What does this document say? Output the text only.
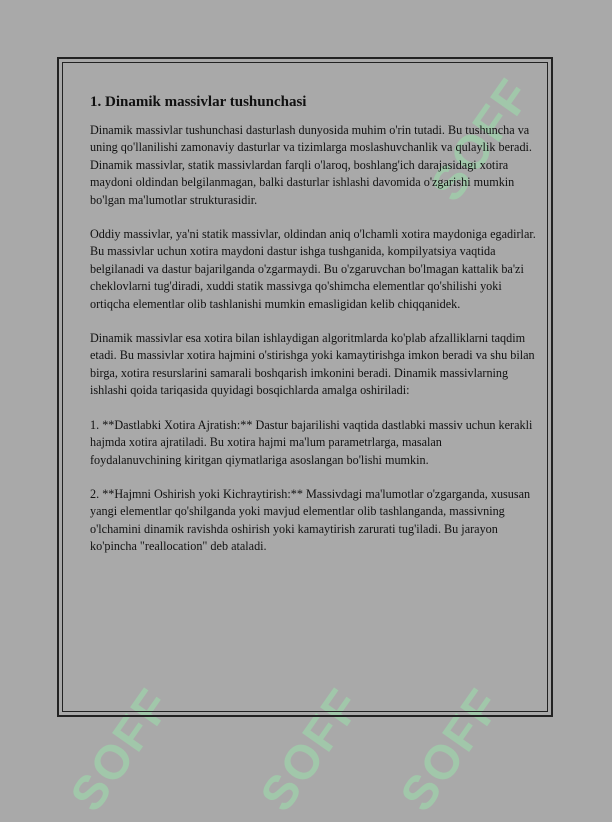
SOFF SOFF SOFF
SOFF
1. Dinamik massivlar tushunchasi

Dinamik massivlar tushunchasi dasturlash dunyosida muhim o'rin tutadi. Bu tushuncha va uning qo'llanilishi zamonaviy dasturlar va tizimlarga moslashuvchanlik va qulaylik beradi. Dinamik massivlar, statik massivlardan farqli o'laroq, boshlang'ich darajasidagi xotira maydoni oldindan belgilanmagan, balki dasturlar ishlashi davomida o'zgarishi mumkin bo'lgan ma'lumotlar strukturasidir.

Oddiy massivlar, ya'ni statik massivlar, oldindan aniq o'lchamli xotira maydoniga egadirlar. Bu massivlar uchun xotira maydoni dastur ishga tushganida, kompilyatsiya vaqtida belgilanadi va dastur bajarilganda o'zgarmaydi. Bu o'zgaruvchan bo'lmagan kattalik ba'zi cheklovlarni tug'diradi, xuddi statik massivga qo'shimcha elementlar qo'shilishi yoki ortiqcha elementlar olib tashlanishi mumkin emasligidan kelib chiqqanidek.

Dinamik massivlar esa xotira bilan ishlaydigan algoritmlarda ko'plab afzalliklarni taqdim etadi. Bu massivlar xotira hajmini o'stirishga yoki kamaytirishga imkon beradi va shu bilan birga, xotira resurslarini samarali boshqarish imkonini beradi. Dinamik massivlarning ishlashi qoida tariqasida quyidagi bosqichlarda amalga oshiriladi:

1. **Dastlabki Xotira Ajratish:** Dastur bajarilishi vaqtida dastlabki massiv uchun kerakli hajmda xotira ajratiladi. Bu xotira hajmi ma'lum parametrlarga, masalan foydalanuvchining kiritgan qiymatlariga asoslangan bo'lishi mumkin.

2. **Hajmni Oshirish yoki Kichraytirish:** Massivdagi ma'lumotlar o'zgarganda, xususan yangi elementlar qo'shilganda yoki mavjud elementlar olib tashlanganda, massivning o'lchamini dinamik ravishda oshirish yoki kamaytirish zarurati tug'iladi. Bu jarayon ko'pincha "reallocation" deb ataladi.
